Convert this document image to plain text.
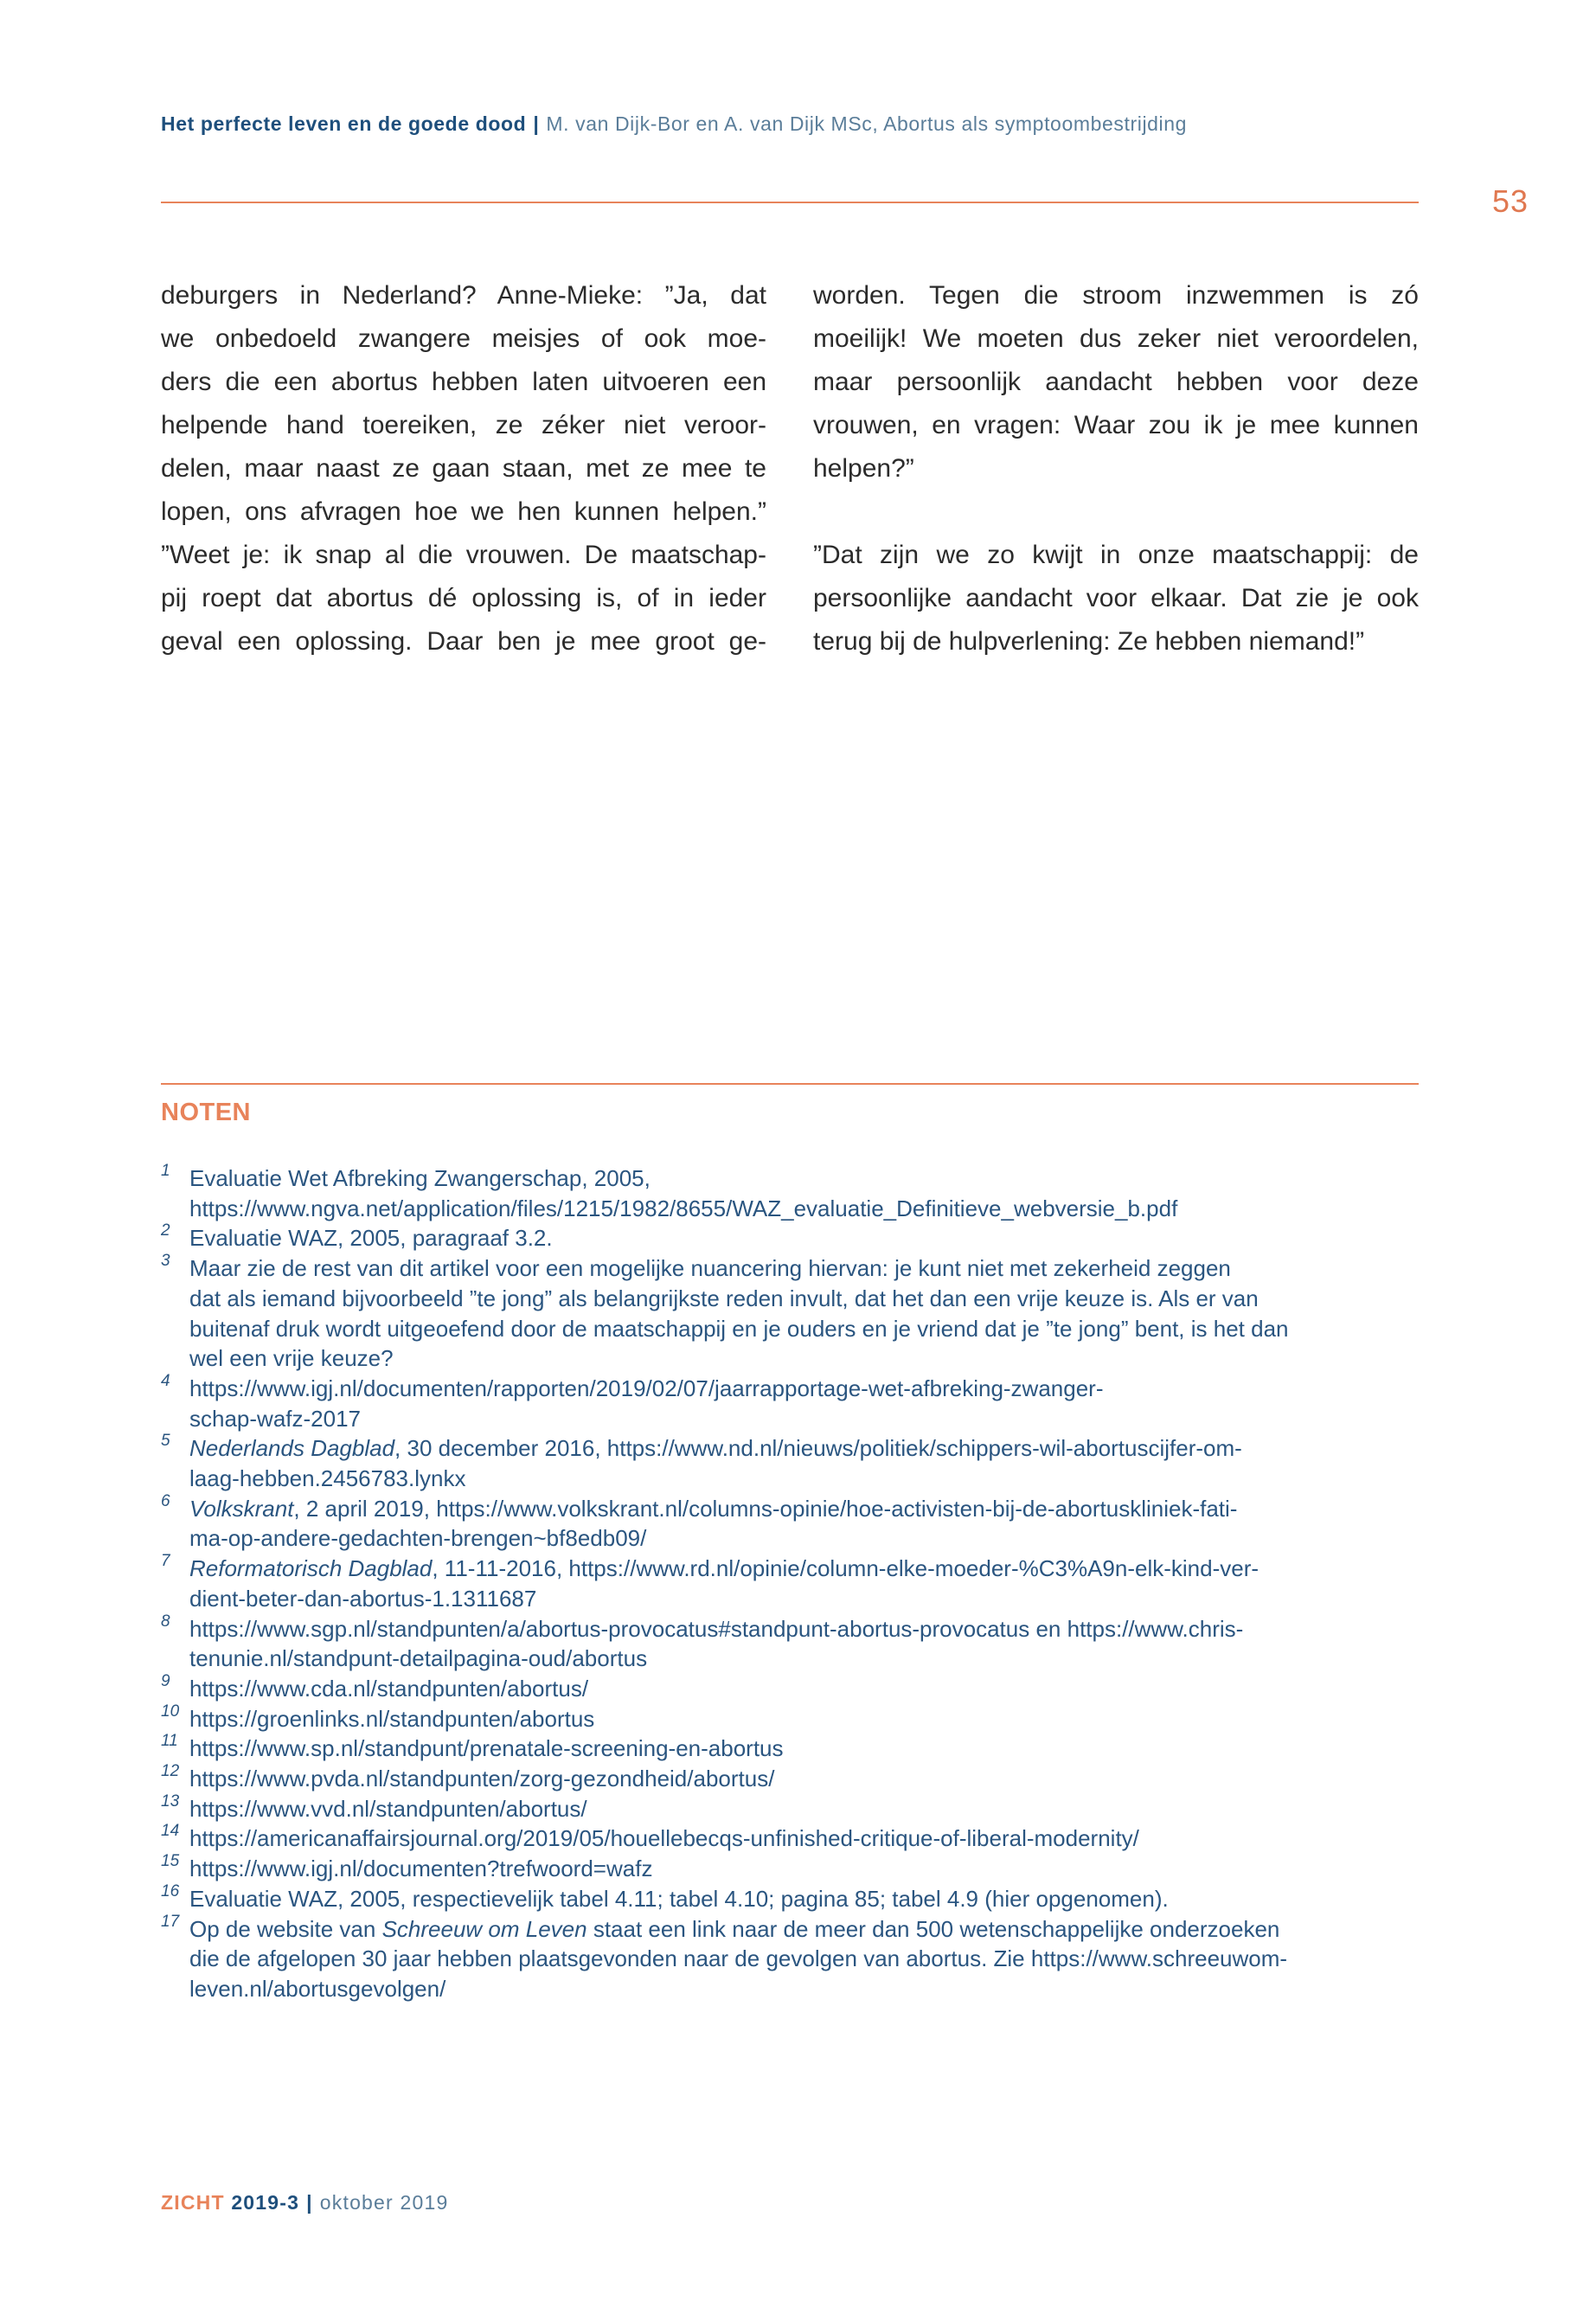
Het perfecte leven en de goede dood | M. van Dijk-Bor en A. van Dijk MSc, Abortus als symptoombestrijding
53
deburgers in Nederland? Anne-Mieke: ”Ja, dat
we onbedoeld zwangere meisjes of ook moe-
ders die een abortus hebben laten uitvoeren een
helpende hand toereiken, ze zéker niet veroor-
delen, maar naast ze gaan staan, met ze mee te
lopen, ons afvragen hoe we hen kunnen helpen.”
”Weet je: ik snap al die vrouwen. De maatschap-
pij roept dat abortus dé oplossing is, of in ieder
geval een oplossing. Daar ben je mee groot ge-
worden. Tegen die stroom inzwemmen is zó
moeilijk! We moeten dus zeker niet veroordelen,
maar persoonlijk aandacht hebben voor deze
vrouwen, en vragen: Waar zou ik je mee kunnen
helpen?”
”Dat zijn we zo kwijt in onze maatschappij: de
persoonlijke aandacht voor elkaar. Dat zie je ook
terug bij de hulpverlening: Ze hebben niemand!”
NOTEN
1 Evaluatie Wet Afbreking Zwangerschap, 2005,
https://www.ngva.net/application/files/1215/1982/8655/WAZ_evaluatie_Definitieve_webversie_b.pdf
2 Evaluatie WAZ, 2005, paragraaf 3.2.
3 Maar zie de rest van dit artikel voor een mogelijke nuancering hiervan: je kunt niet met zekerheid zeggen
dat als iemand bijvoorbeeld ”te jong” als belangrijkste reden invult, dat het dan een vrije keuze is. Als er van
buitenaf druk wordt uitgeoefend door de maatschappij en je ouders en je vriend dat je ”te jong” bent, is het dan
wel een vrije keuze?
4 https://www.igj.nl/documenten/rapporten/2019/02/07/jaarrapportage-wet-afbreking-zwanger-
schap-wafz-2017
5 Nederlands Dagblad, 30 december 2016, https://www.nd.nl/nieuws/politiek/schippers-wil-abortuscijfer-om-
laag-hebben.2456783.lynkx
6 Volkskrant, 2 april 2019, https://www.volkskrant.nl/columns-opinie/hoe-activisten-bij-de-abortuskliniek-fati-
ma-op-andere-gedachten-brengen~bf8edb09/
7 Reformatorisch Dagblad, 11-11-2016, https://www.rd.nl/opinie/column-elke-moeder-%C3%A9n-elk-kind-ver-
dient-beter-dan-abortus-1.1311687
8 https://www.sgp.nl/standpunten/a/abortus-provocatus#standpunt-abortus-provocatus en https://www.chris-
tenunie.nl/standpunt-detailpagina-oud/abortus
9 https://www.cda.nl/standpunten/abortus/
10 https://groenlinks.nl/standpunten/abortus
11 https://www.sp.nl/standpunt/prenatale-screening-en-abortus
12 https://www.pvda.nl/standpunten/zorg-gezondheid/abortus/
13 https://www.vvd.nl/standpunten/abortus/
14 https://americanaffairsjournal.org/2019/05/houellebecqs-unfinished-critique-of-liberal-modernity/
15 https://www.igj.nl/documenten?trefwoord=wafz
16 Evaluatie WAZ, 2005, respectievelijk tabel 4.11; tabel 4.10; pagina 85; tabel 4.9 (hier opgenomen).
17 Op de website van Schreeuw om Leven staat een link naar de meer dan 500 wetenschappelijke onderzoeken
die de afgelopen 30 jaar hebben plaatsgevonden naar de gevolgen van abortus. Zie https://www.schreeuwom-
leven.nl/abortusgevolgen/
ZICHT 2019-3 | oktober 2019
